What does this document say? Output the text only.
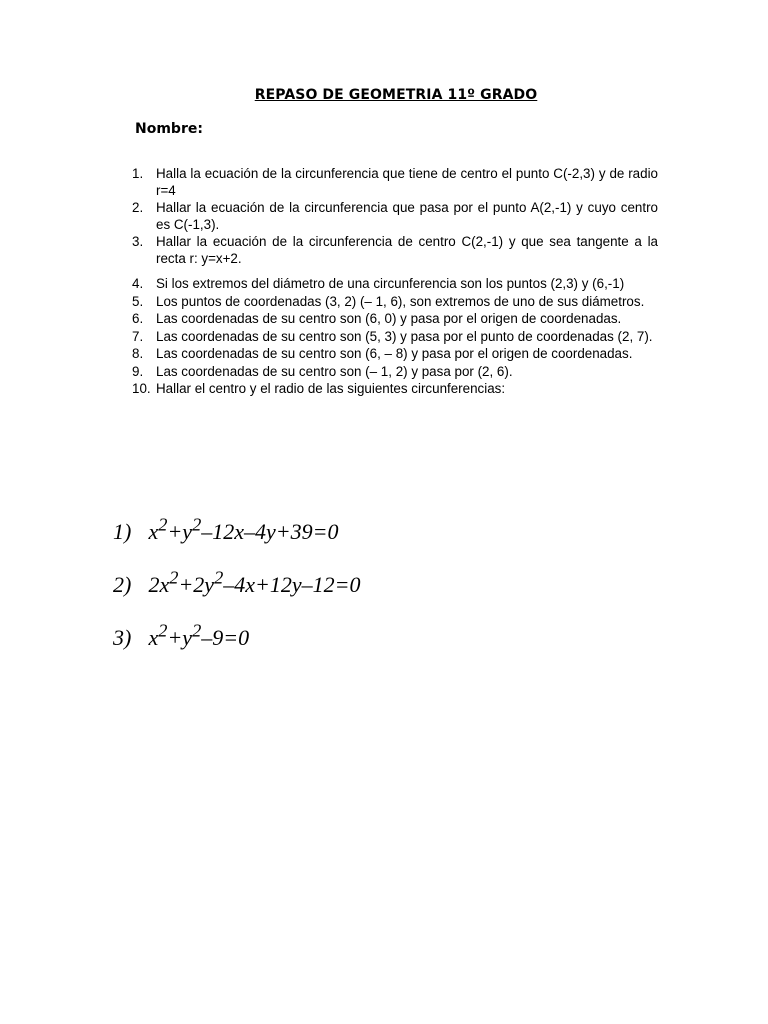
REPASO DE GEOMETRIA 11º GRADO
Nombre:
1. Halla la ecuación de la circunferencia que tiene de centro el punto C(-2,3) y de radio r=4
2. Hallar la ecuación de la circunferencia que pasa por el punto A(2,-1) y cuyo centro es C(-1,3).
3. Hallar la ecuación de la circunferencia de centro C(2,-1) y que sea tangente a la recta r: y=x+2.
4. Si los extremos del diámetro de una circunferencia son los puntos (2,3) y (6,-1)
5. Los puntos de coordenadas (3, 2) (– 1, 6), son extremos de uno de sus diámetros.
6. Las coordenadas de su centro son (6, 0) y pasa por el origen de coordenadas.
7. Las coordenadas de su centro son (5, 3) y pasa por el punto de coordenadas (2, 7).
8. Las coordenadas de su centro son (6, – 8) y pasa por el origen de coordenadas.
9. Las coordenadas de su centro son (– 1, 2) y pasa por (2, 6).
10. Hallar el centro y el radio de las siguientes circunferencias:
1) $x^2+y^2-12x-4y+39=0$
2) $2x^2+2y^2-4x+12y-12=0$
3) $x^2+y^2-9=0$
